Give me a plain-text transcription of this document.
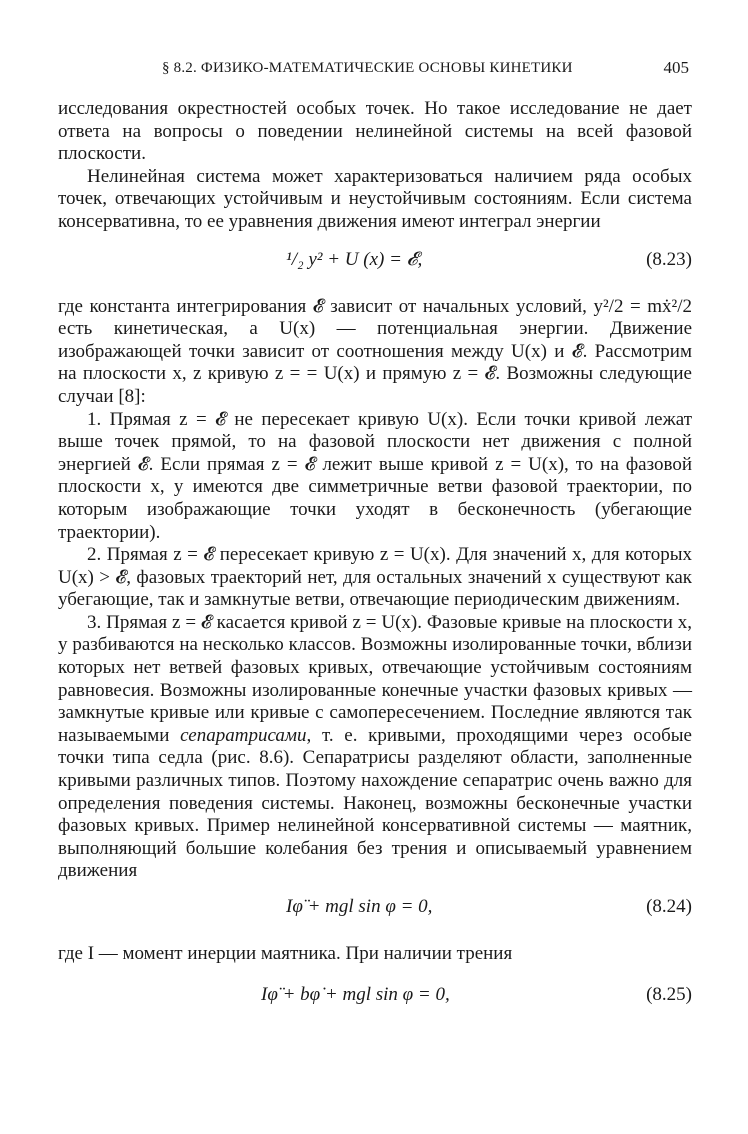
§ 8.2. ФИЗИКО-МАТЕМАТИЧЕСКИЕ ОСНОВЫ КИНЕТИКИ	405

исследования окрестностей особых точек. Но такое исследование не дает ответа на вопросы о поведении нелинейной системы на всей фазовой плоскости.

Нелинейная система может характеризоваться наличием ряда особых точек, отвечающих устойчивым и неустойчивым состояниям. Если система консервативна, то ее уравнения движения имеют интеграл энергии

¹/₂ y² + U (x) = 𝓔,	(8.23)

где константа интегрирования 𝓔 зависит от начальных условий, y²/2 = mẋ²/2 есть кинетическая, а U(x) — потенциальная энергии. Движение изображающей точки зависит от соотношения между U(x) и 𝓔. Рассмотрим на плоскости x, z кривую z = = U(x) и прямую z = 𝓔. Возможны следующие случаи [8]:

1. Прямая z = 𝓔 не пересекает кривую U(x). Если точки кривой лежат выше точек прямой, то на фазовой плоскости нет движения с полной энергией 𝓔. Если прямая z = 𝓔 лежит выше кривой z = U(x), то на фазовой плоскости x, y имеются две симметричные ветви фазовой траектории, по которым изображающие точки уходят в бесконечность (убегающие траектории).

2. Прямая z = 𝓔 пересекает кривую z = U(x). Для значений x, для которых U(x) > 𝓔, фазовых траекторий нет, для остальных значений x существуют как убегающие, так и замкнутые ветви, отвечающие периодическим движениям.

3. Прямая z = 𝓔 касается кривой z = U(x). Фазовые кривые на плоскости x, y разбиваются на несколько классов. Возможны изолированные точки, вблизи которых нет ветвей фазовых кривых, отвечающие устойчивым состояниям равновесия. Возможны изолированные конечные участки фазовых кривых — замкнутые кривые или кривые с самопересечением. Последние являются так называемыми сепаратрисами, т. е. кривыми, проходящими через особые точки типа седла (рис. 8.6). Сепаратрисы разделяют области, заполненные кривыми различных типов. Поэтому нахождение сепаратрис очень важно для определения поведения системы. Наконец, возможны бесконечные участки фазовых кривых. Пример нелинейной консервативной системы — маятник, выполняющий большие колебания без трения и описываемый уравнением движения

Iφ̈ + mgl sin φ = 0,	(8.24)

где I — момент инерции маятника. При наличии трения

Iφ̈ + bφ̇ + mgl sin φ = 0,	(8.25)
